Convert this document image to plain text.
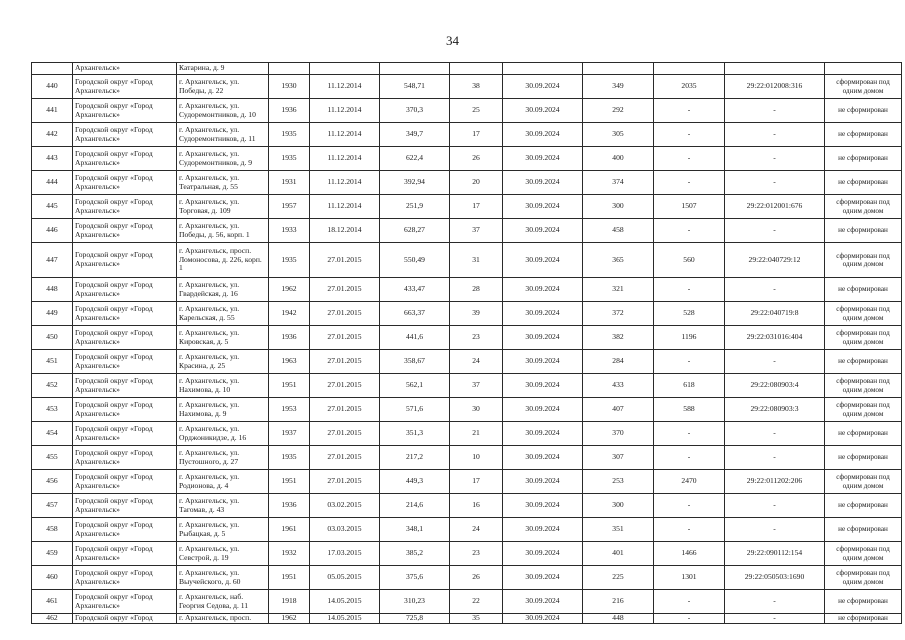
34
	Архангельск»	Катарина, д. 9									
440	Городской округ «Город Архангельск»	г. Архангельск, ул. Победы, д. 22	1930	11.12.2014	548,71	38	30.09.2024	349	2035	29:22:012008:316	сформирован под одним домом
441	Городской округ «Город Архангельск»	г. Архангельск, ул. Судоремонтников, д. 10	1936	11.12.2014	370,3	25	30.09.2024	292	-	-	не сформирован
442	Городской округ «Город Архангельск»	г. Архангельск, ул. Судоремонтников, д. 11	1935	11.12.2014	349,7	17	30.09.2024	305	-	-	не сформирован
443	Городской округ «Город Архангельск»	г. Архангельск, ул. Судоремонтников, д. 9	1935	11.12.2014	622,4	26	30.09.2024	400	-	-	не сформирован
444	Городской округ «Город Архангельск»	г. Архангельск, ул. Театральная, д. 55	1931	11.12.2014	392,94	20	30.09.2024	374	-	-	не сформирован
445	Городской округ «Город Архангельск»	г. Архангельск, ул. Торговая, д. 109	1957	11.12.2014	251,9	17	30.09.2024	300	1507	29:22:012001:676	сформирован под одним домом
446	Городской округ «Город Архангельск»	г. Архангельск, ул. Победы, д. 56, корп. 1	1933	18.12.2014	628,27	37	30.09.2024	458	-	-	не сформирован
447	Городской округ «Город Архангельск»	г. Архангельск, просп. Ломоносова, д. 226, корп. 1	1935	27.01.2015	550,49	31	30.09.2024	365	560	29:22:040729:12	сформирован под одним домом
448	Городской округ «Город Архангельск»	г. Архангельск, ул. Гвардейская, д. 16	1962	27.01.2015	433,47	28	30.09.2024	321	-	-	не сформирован
449	Городской округ «Город Архангельск»	г. Архангельск, ул. Карельская, д. 55	1942	27.01.2015	663,37	39	30.09.2024	372	528	29:22:040719:8	сформирован под одним домом
450	Городской округ «Город Архангельск»	г. Архангельск, ул. Кировская, д. 5	1936	27.01.2015	441,6	23	30.09.2024	382	1196	29:22:031016:404	сформирован под одним домом
451	Городской округ «Город Архангельск»	г. Архангельск, ул. Красина, д. 25	1963	27.01.2015	358,67	24	30.09.2024	284	-	-	не сформирован
452	Городской округ «Город Архангельск»	г. Архангельск, ул. Нахимова, д. 10	1951	27.01.2015	562,1	37	30.09.2024	433	618	29:22:080903:4	сформирован под одним домом
453	Городской округ «Город Архангельск»	г. Архангельск, ул. Нахимова, д. 9	1953	27.01.2015	571,6	30	30.09.2024	407	588	29:22:080903:3	сформирован под одним домом
454	Городской округ «Город Архангельск»	г. Архангельск, ул. Орджоникидзе, д. 16	1937	27.01.2015	351,3	21	30.09.2024	370	-	-	не сформирован
455	Городской округ «Город Архангельск»	г. Архангельск, ул. Пустошного, д. 27	1935	27.01.2015	217,2	10	30.09.2024	307	-	-	не сформирован
456	Городской округ «Город Архангельск»	г. Архангельск, ул. Родионова, д. 4	1951	27.01.2015	449,3	17	30.09.2024	253	2470	29:22:011202:206	сформирован под одним домом
457	Городской округ «Город Архангельск»	г. Архангельск, ул. Тагомав, д. 43	1936	03.02.2015	214,6	16	30.09.2024	300	-	-	не сформирован
458	Городской округ «Город Архангельск»	г. Архангельск, ул. Рыбацкая, д. 5	1961	03.03.2015	348,1	24	30.09.2024	351	-	-	не сформирован
459	Городской округ «Город Архангельск»	г. Архангельск, ул. Севстрой, д. 19	1932	17.03.2015	385,2	23	30.09.2024	401	1466	29:22:090112:154	сформирован под одним домом
460	Городской округ «Город Архангельск»	г. Архангельск, ул. Выучейского, д. 60	1951	05.05.2015	375,6	26	30.09.2024	225	1301	29:22:050503:1690	сформирован под одним домом
461	Городской округ «Город Архангельск»	г. Архангельск, наб. Георгия Седова, д. 11	1918	14.05.2015	310,23	22	30.09.2024	216	-	-	не сформирован
462	Городской округ «Город	г. Архангельск, просп.	1962	14.05.2015	725,8	35	30.09.2024	448	-	-	не сформирован
